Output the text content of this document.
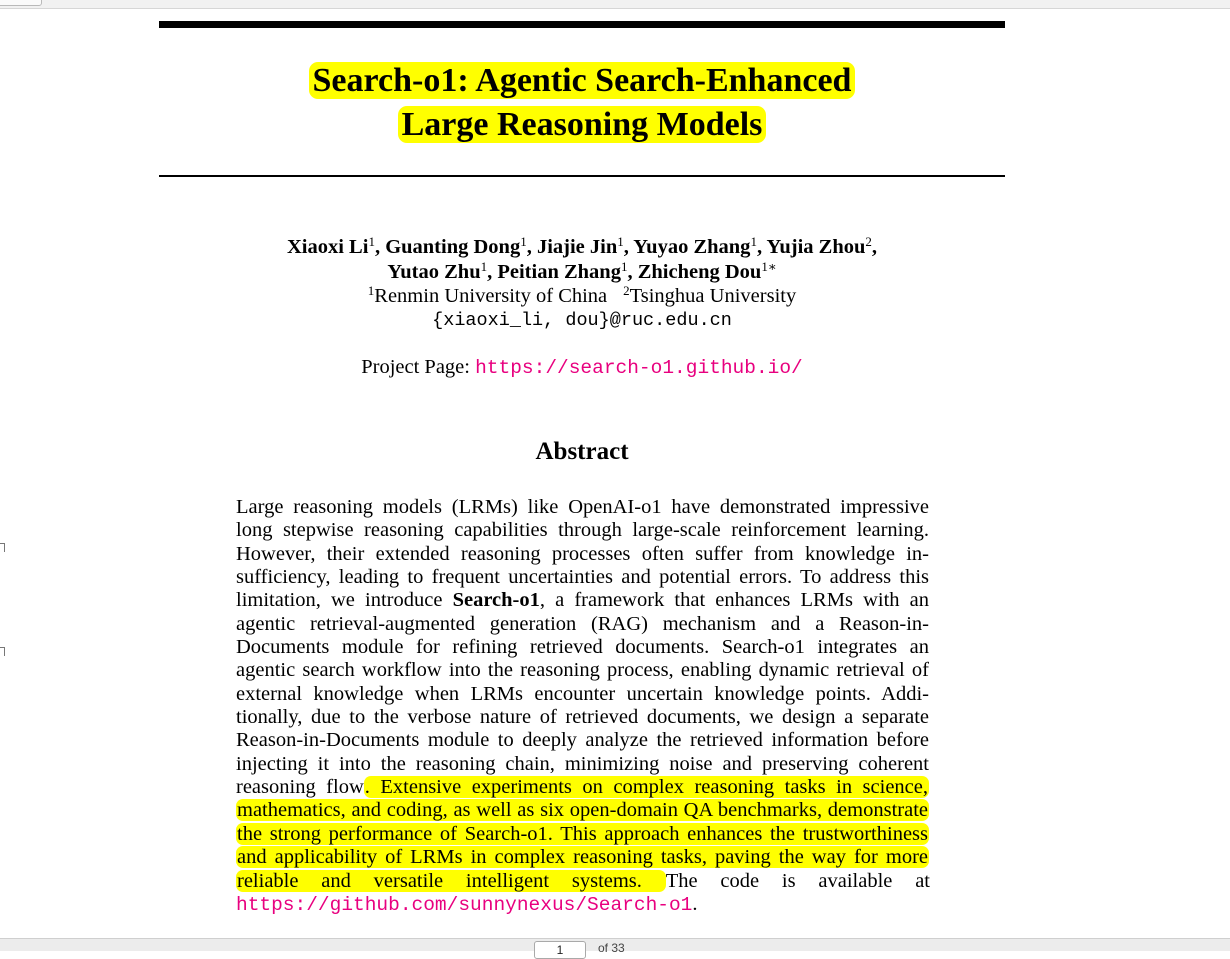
Search-o1: Agentic Search-Enhanced
Large Reasoning Models
Xiaoxi Li$^1$, Guanting Dong$^1$, Jiajie Jin$^1$, Yuyao Zhang$^1$, Yujia Zhou$^2$,
Yutao Zhu$^1$, Peitian Zhang$^1$, Zhicheng Dou$^{1∗}$
$^1$Renmin University of China $^2$Tsinghua University
{xiaoxi_li, dou}@ruc.edu.cn
Project Page: https://search-o1.github.io/
Abstract
Large reasoning models (LRMs) like OpenAI-o1 have demonstrated impressive long stepwise reasoning capabilities through large-scale reinforcement learning. However, their extended reasoning processes often suffer from knowledge insufficiency, leading to frequent uncertainties and potential errors. To address this limitation, we introduce Search-o1, a framework that enhances LRMs with an agentic retrieval-augmented generation (RAG) mechanism and a Reason-in-Documents module for refining retrieved documents. Search-o1 integrates an agentic search workflow into the reasoning process, enabling dynamic retrieval of external knowledge when LRMs encounter uncertain knowledge points. Additionally, due to the verbose nature of retrieved documents, we design a separate Reason-in-Documents module to deeply analyze the retrieved information before injecting it into the reasoning chain, minimizing noise and preserving coherent reasoning flow. Extensive experiments on complex reasoning tasks in science, mathematics, and coding, as well as six open-domain QA benchmarks, demonstrate the strong performance of Search-o1. This approach enhances the trustworthiness and applicability of LRMs in complex reasoning tasks, paving the way for more reliable and versatile intelligent systems. The code is available at https://github.com/sunnynexus/Search-o1.
1
of 33
